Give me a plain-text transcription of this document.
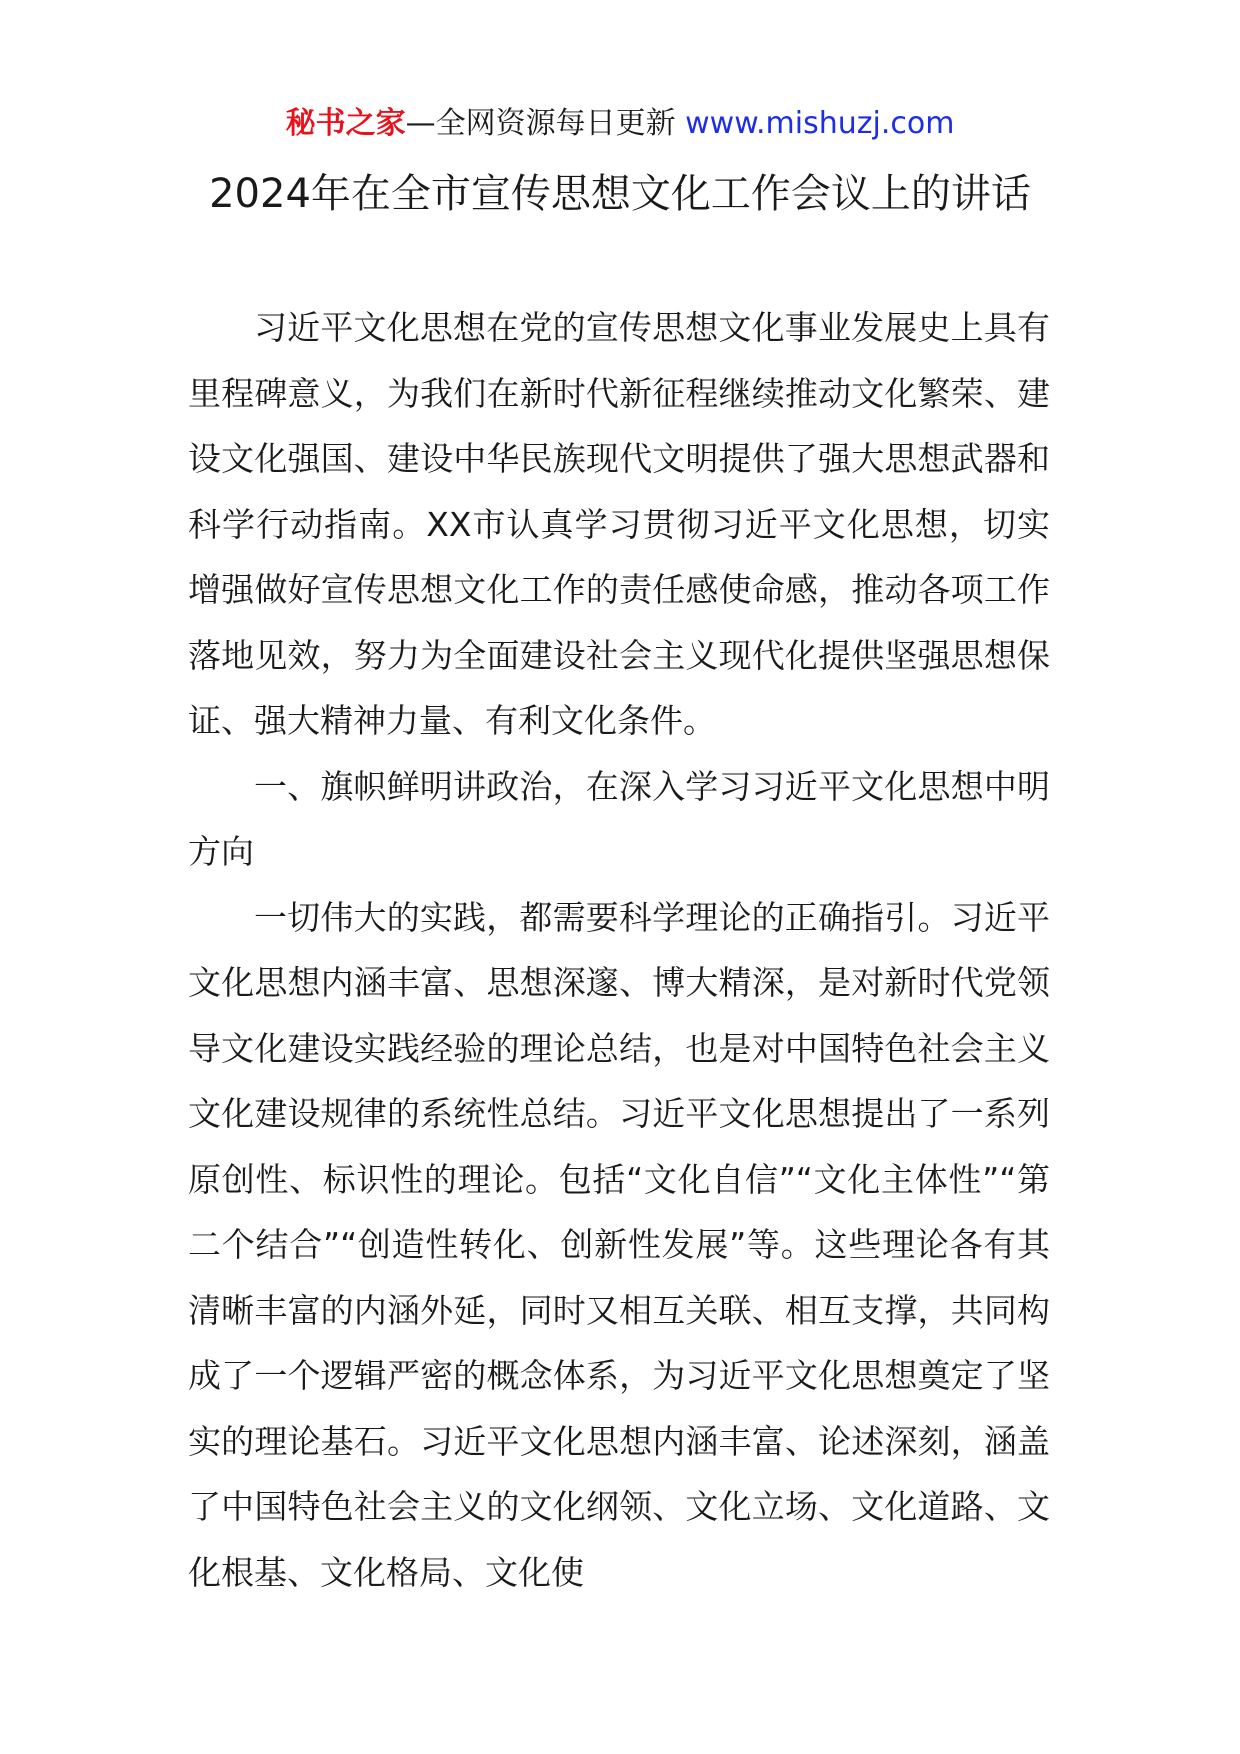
秘书之家—全网资源每日更新 www.mishuzj.com
2024年在全市宣传思想文化工作会议上的讲话

习近平文化思想在党的宣传思想文化事业发展史上具有里程碑意义，为我们在新时代新征程继续推动文化繁荣、建设文化强国、建设中华民族现代文明提供了强大思想武器和科学行动指南。XX市认真学习贯彻习近平文化思想，切实增强做好宣传思想文化工作的责任感使命感，推动各项工作落地见效，努力为全面建设社会主义现代化提供坚强思想保证、强大精神力量、有利文化条件。

一、旗帜鲜明讲政治，在深入学习习近平文化思想中明方向

一切伟大的实践，都需要科学理论的正确指引。习近平文化思想内涵丰富、思想深邃、博大精深，是对新时代党领导文化建设实践经验的理论总结，也是对中国特色社会主义文化建设规律的系统性总结。习近平文化思想提出了一系列原创性、标识性的理论。包括“文化自信”“文化主体性”“第二个结合”“创造性转化、创新性发展”等。这些理论各有其清晰丰富的内涵外延，同时又相互关联、相互支撑，共同构成了一个逻辑严密的概念体系，为习近平文化思想奠定了坚实的理论基石。习近平文化思想内涵丰富、论述深刻，涵盖了中国特色社会主义的文化纲领、文化立场、文化道路、文化根基、文化格局、文化使
